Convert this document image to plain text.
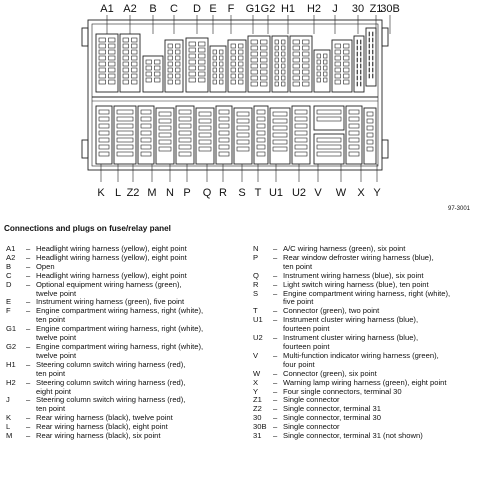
A1 A2 B C D E F G1 G2 H1 H2 J 30 Z1
30B
K L Z2 M N P Q R S T U1 U2 V W X Y
97-3001
Connections and plugs on fuse/relay panel
A1	– Headlight wiring harness (yellow), eight point
A2	– Headlight wiring harness (yellow), eight point
B	– Open
C	– Headlight wiring harness (yellow), eight point
D	– Optional equipment wiring harness (green),
twelve point
E	– Instrument wiring harness (green), five point
F	– Engine compartment wiring harness, right (white),
ten point
G1	– Engine compartment wiring harness, right (white),
twelve point
G2	– Engine compartment wiring harness, right (white),
twelve point
H1	– Steering column switch wiring harness (red),
ten point
H2	– Steering column switch wiring harness (red),
eight point
J	– Steering column switch wiring harness (red),
ten point
K	– Rear wiring harness (black), twelve point
L	– Rear wiring harness (black), eight point
M	– Rear wiring harness (black), six point
N	– A/C wiring harness (green), six point
P	– Rear window defroster wiring harness (blue),
ten point
Q	– Instrument wiring harness (blue), six point
R	– Light switch wiring harness (blue), ten point
S	– Engine compartment wiring harness, right (white),
five point
T	– Connector (green), two point
U1	– Instrument cluster wiring harness (blue),
fourteen point
U2	– Instrument cluster wiring harness (blue),
fourteen point
V	– Multi-function indicator wiring harness (green),
four point
W	– Connector (green), six point
X	– Warning lamp wiring harness (green), eight point
Y	– Four single connectors, terminal 30
Z1	– Single connector
Z2	– Single connector, terminal 31
30	– Single connector, terminal 30
30B – Single connector
31	– Single connector, terminal 31 (not shown)
